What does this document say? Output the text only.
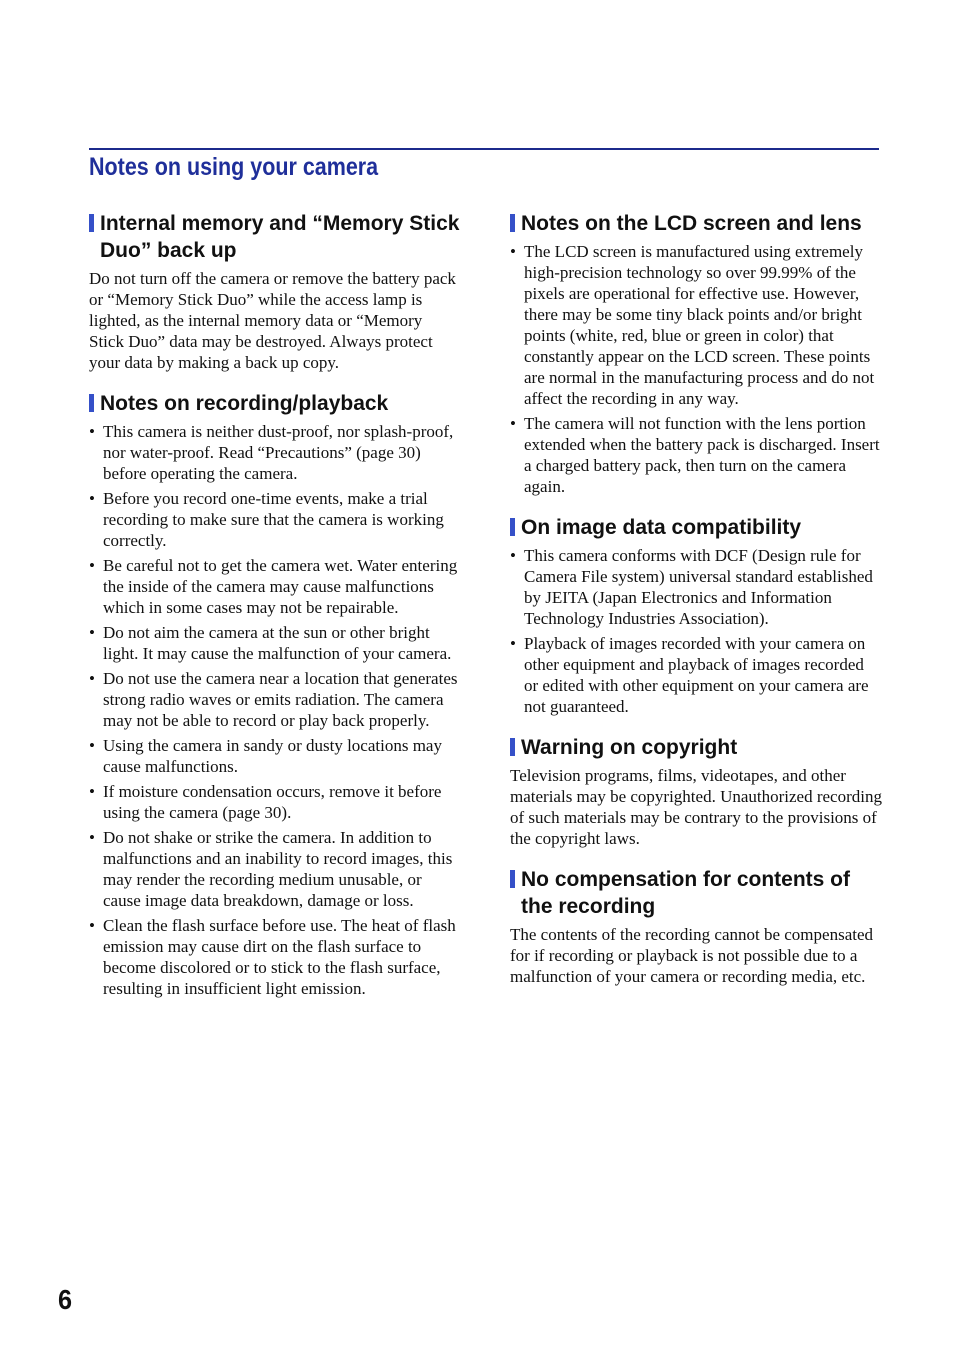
Notes on using your camera
Internal memory and “Memory Stick Duo” back up

Do not turn off the camera or remove the battery pack or “Memory Stick Duo” while the access lamp is lighted, as the internal memory data or “Memory Stick Duo” data may be destroyed. Always protect your data by making a back up copy.

Notes on recording/playback
• This camera is neither dust-proof, nor splash-proof, nor water-proof. Read “Precautions” (page 30) before operating the camera.
• Before you record one-time events, make a trial recording to make sure that the camera is working correctly.
• Be careful not to get the camera wet. Water entering the inside of the camera may cause malfunctions which in some cases may not be repairable.
• Do not aim the camera at the sun or other bright light. It may cause the malfunction of your camera.
• Do not use the camera near a location that generates strong radio waves or emits radiation. The camera may not be able to record or play back properly.
• Using the camera in sandy or dusty locations may cause malfunctions.
• If moisture condensation occurs, remove it before using the camera (page 30).
• Do not shake or strike the camera. In addition to malfunctions and an inability to record images, this may render the recording medium unusable, or cause image data breakdown, damage or loss.
• Clean the flash surface before use. The heat of flash emission may cause dirt on the flash surface to become discolored or to stick to the flash surface, resulting in insufficient light emission.
Notes on the LCD screen and lens
• The LCD screen is manufactured using extremely high-precision technology so over 99.99% of the pixels are operational for effective use. However, there may be some tiny black points and/or bright points (white, red, blue or green in color) that constantly appear on the LCD screen. These points are normal in the manufacturing process and do not affect the recording in any way.
• The camera will not function with the lens portion extended when the battery pack is discharged. Insert a charged battery pack, then turn on the camera again.
On image data compatibility
• This camera conforms with DCF (Design rule for Camera File system) universal standard established by JEITA (Japan Electronics and Information Technology Industries Association).
• Playback of images recorded with your camera on other equipment and playback of images recorded or edited with other equipment on your camera are not guaranteed.
Warning on copyright

Television programs, films, videotapes, and other materials may be copyrighted. Unauthorized recording of such materials may be contrary to the provisions of the copyright laws.

No compensation for contents of the recording

The contents of the recording cannot be compensated for if recording or playback is not possible due to a malfunction of your camera or recording media, etc.

6
